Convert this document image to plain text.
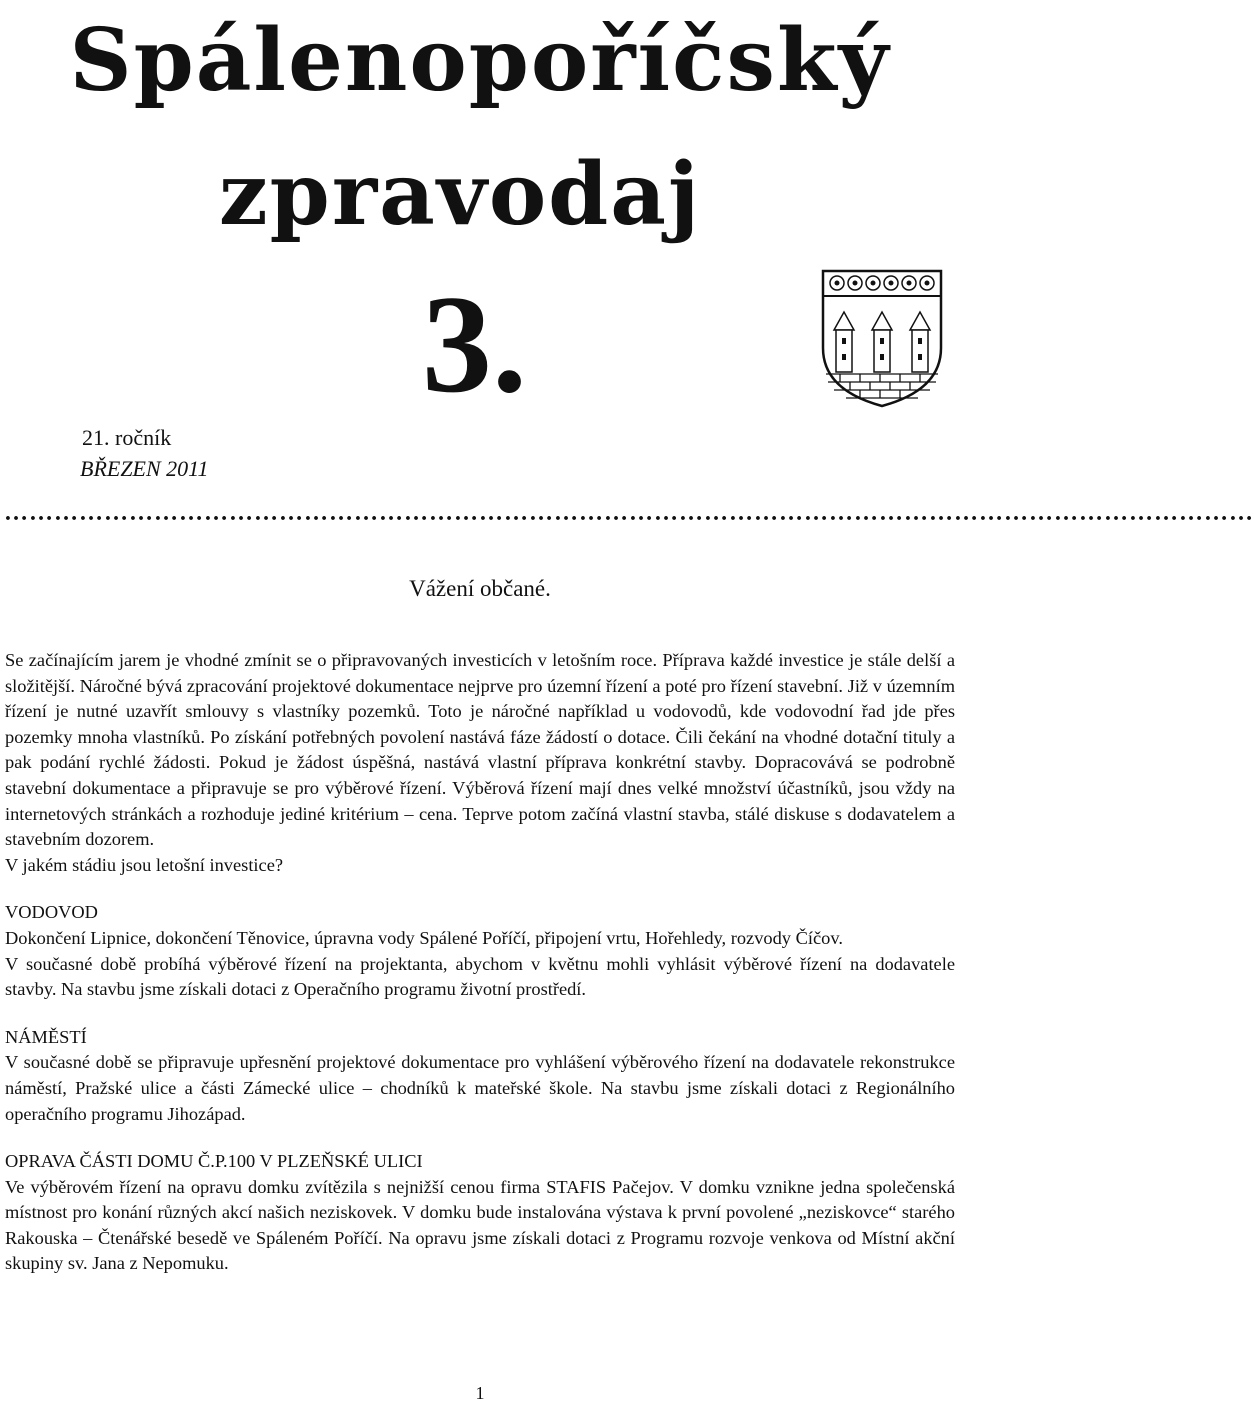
Spálenopoříčský
zpravodaj
3.
21. ročník
BŘEZEN 2011
……………………………………………………………………………………………………………………………………
Vážení občané.

Se začínajícím jarem je vhodné zmínit se o připravovaných investicích v letošním roce. Příprava každé investice je stále delší a složitější. Náročné bývá zpracování projektové dokumentace nejprve pro územní řízení a poté pro řízení stavební. Již v územním řízení je nutné uzavřít smlouvy s vlastníky pozemků. Toto je náročné například u vodovodů, kde vodovodní řad jde přes pozemky mnoha vlastníků. Po získání potřebných povolení nastává fáze žádostí o dotace. Čili čekání na vhodné dotační tituly a pak podání rychlé žádosti. Pokud je žádost úspěšná, nastává vlastní příprava konkrétní stavby. Dopracovává se podrobně stavební dokumentace a připravuje se pro výběrové řízení. Výběrová řízení mají dnes velké množství účastníků, jsou vždy na internetových stránkách a rozhoduje jediné kritérium – cena. Teprve potom začíná vlastní stavba, stálé diskuse s dodavatelem a stavebním dozorem.

V jakém stádiu jsou letošní investice?

VODOVOD

Dokončení Lipnice, dokončení Těnovice, úpravna vody Spálené Poříčí, připojení vrtu, Hořehledy, rozvody Číčov.

V současné době probíhá výběrové řízení na projektanta, abychom v květnu mohli vyhlásit výběrové řízení na dodavatele stavby. Na stavbu jsme získali dotaci z Operačního programu životní prostředí.

NÁMĚSTÍ

V současné době se připravuje upřesnění projektové dokumentace pro vyhlášení výběrového řízení na dodavatele rekonstrukce náměstí, Pražské ulice a části Zámecké ulice – chodníků k mateřské škole. Na stavbu jsme získali dotaci z Regionálního operačního programu Jihozápad.

OPRAVA ČÁSTI DOMU Č.P.100 V PLZEŇSKÉ ULICI

Ve výběrovém řízení na opravu domku zvítězila s nejnižší cenou firma STAFIS Pačejov. V domku vznikne jedna společenská místnost pro konání různých akcí našich neziskovek. V domku bude instalována výstava k první povolené „neziskovce“ starého Rakouska – Čtenářské besedě ve Spáleném Poříčí. Na opravu jsme získali dotaci z Programu rozvoje venkova od Místní akční skupiny sv. Jana z Nepomuku.

1
